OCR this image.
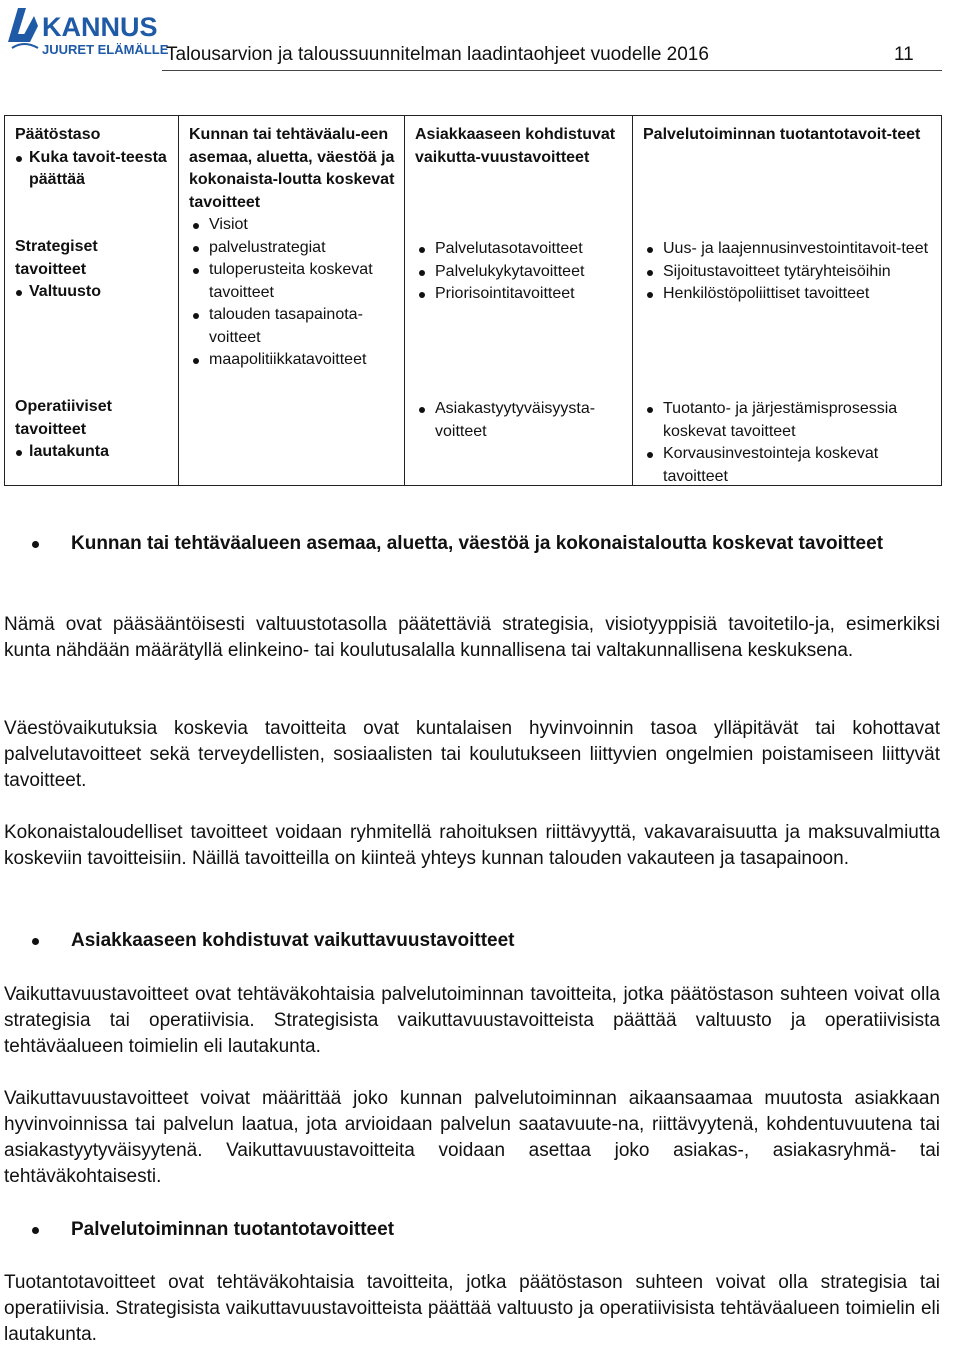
KANNUS
JUURET ELÄMÄLLE
Talousarvion ja taloussuunnitelman laadintaohjeet vuodelle 2016	11
Päätöstaso
Kuka tavoit-teesta päättää
Strategiset tavoitteet
Valtuusto
Operatiiviset tavoitteet
lautakunta
Kunnan tai tehtäväalu-een asemaa, aluetta, väestöä ja kokonaista-loutta koskevat tavoitteet
Visiot
palvelustrategiat
tuloperusteita koskevat tavoitteet
talouden tasapainota-voitteet
maapolitiikkatavoitteet
Asiakkaaseen kohdistuvat vaikutta-vuustavoitteet
Palvelutasotavoitteet
Palvelukykytavoitteet
Priorisointitavoitteet
Asiakastyytyväisyysta-voitteet
Palvelutoiminnan tuotantotavoit-teet
Uus- ja laajennusinvestointitavoit-teet
Sijoitustavoitteet tytäryhteisöihin
Henkilöstöpoliittiset tavoitteet
Tuotanto- ja järjestämisprosessia koskevat tavoitteet
Korvausinvestointeja koskevat tavoitteet
Kunnan tai tehtäväalueen asemaa, aluetta, väestöä ja kokonaistaloutta koskevat tavoitteet
Nämä ovat pääsääntöisesti valtuustotasolla päätettäviä strategisia, visiotyyppisiä tavoitetilo-ja, esimerkiksi kunta nähdään määrätyllä elinkeino- tai koulutusalalla kunnallisena tai valtakunnallisena keskuksena.
Väestövaikutuksia koskevia tavoitteita ovat kuntalaisen hyvinvoinnin tasoa ylläpitävät tai kohottavat palvelutavoitteet sekä terveydellisten, sosiaalisten tai koulutukseen liittyvien ongelmien poistamiseen liittyvät tavoitteet.
Kokonaistaloudelliset tavoitteet voidaan ryhmitellä rahoituksen riittävyyttä, vakavaraisuutta ja maksuvalmiutta koskeviin tavoitteisiin. Näillä tavoitteilla on kiinteä yhteys kunnan talouden vakauteen ja tasapainoon.
Asiakkaaseen kohdistuvat vaikuttavuustavoitteet
Vaikuttavuustavoitteet ovat tehtäväkohtaisia palvelutoiminnan tavoitteita, jotka päätöstason suhteen voivat olla strategisia tai operatiivisia. Strategisista vaikuttavuustavoitteista päättää valtuusto ja operatiivisista tehtäväalueen toimielin eli lautakunta.
Vaikuttavuustavoitteet voivat määrittää joko kunnan palvelutoiminnan aikaansaamaa muutosta asiakkaan hyvinvoinnissa tai palvelun laatua, jota arvioidaan palvelun saatavuute-na, riittävyytenä, kohdentuvuutena tai asiakastyytyväisyytenä. Vaikuttavuustavoitteita voidaan asettaa joko asiakas-, asiakasryhmä- tai tehtäväkohtaisesti.
Palvelutoiminnan tuotantotavoitteet
Tuotantotavoitteet ovat tehtäväkohtaisia tavoitteita, jotka päätöstason suhteen voivat olla strategisia tai operatiivisia. Strategisista vaikuttavuustavoitteista päättää valtuusto ja operatiivisista tehtäväalueen toimielin eli lautakunta.
